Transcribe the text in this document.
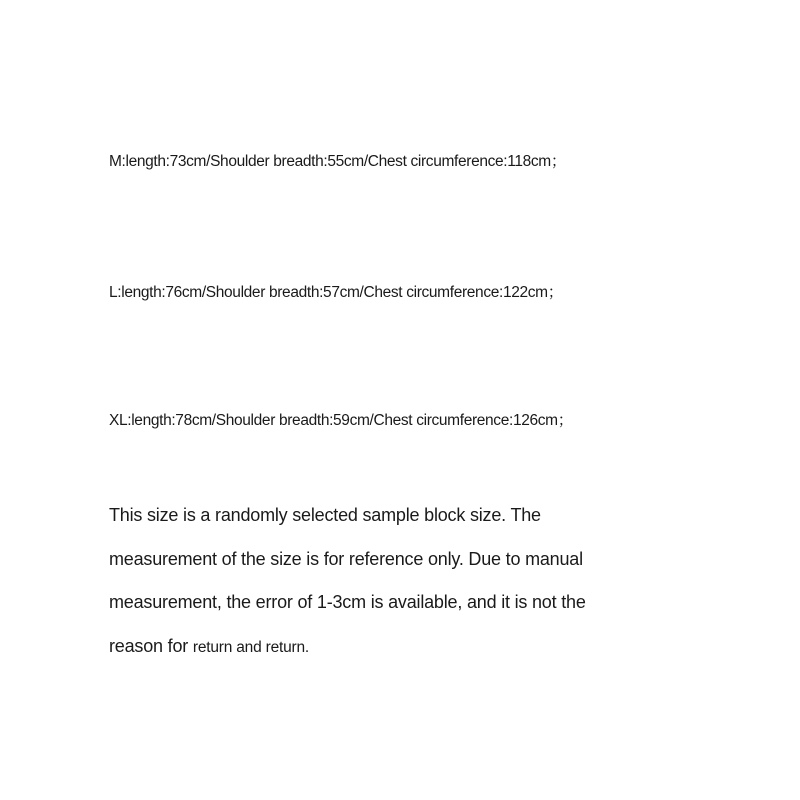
M:length:73cm/Shoulder breadth:55cm/Chest circumference:118cm；
L:length:76cm/Shoulder breadth:57cm/Chest circumference:122cm；
XL:length:78cm/Shoulder breadth:59cm/Chest circumference:126cm；

This size is a randomly selected sample block size. The

measurement of the size is for reference only. Due to manual

measurement, the error of 1-3cm is available, and it is not the

reason for return and return.
